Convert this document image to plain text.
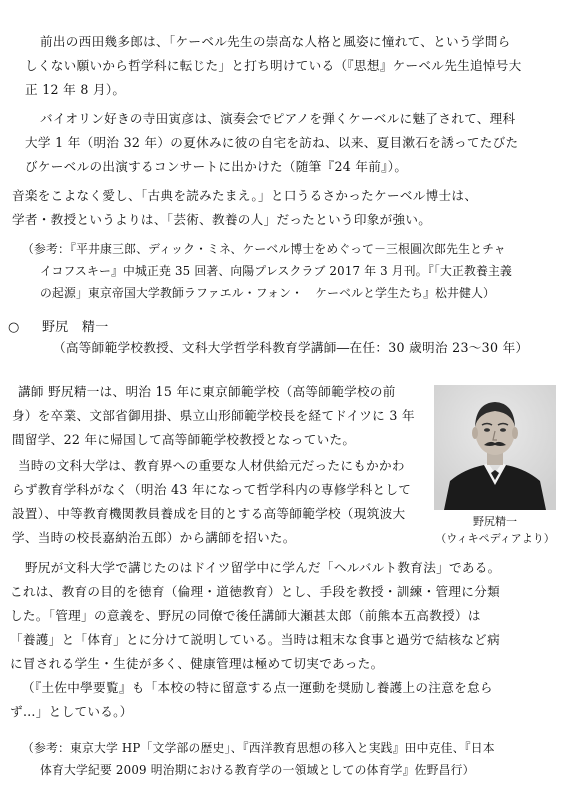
前出の西田幾多郎は、「ケーベル先生の崇高な人格と風姿に憧れて、という学問ら

しくない願いから哲学科に転じた」と打ち明けている（『思想』ケーベル先生追悼号大

正 12 年 8 月）。

バイオリン好きの寺田寅彦は、演奏会でピアノを弾くケーベルに魅了されて、理科

大学 1 年（明治 32 年）の夏休みに彼の自宅を訪ね、以来、夏目漱石を誘ってたびた

びケーベルの出演するコンサートに出かけた（随筆『24 年前』）。

音楽をこよなく愛し、「古典を読みたまえ。」と口うるさかったケーベル博士は、

学者・教授というよりは、「芸術、教養の人」だったという印象が強い。

（参考：『平井康三郎、ディック・ミネ、ケーベル博士をめぐって－三根圓次郎先生とチャ

イコフスキー』中城正尭 35 回著、向陽プレスクラブ 2017 年 3 月刊。『「大正教養主義

の起源」東京帝国大学教師ラファエル・フォン・　ケーベルと学生たち』松井健人）

○ 野尻　精一

（高等師範学校教授、文科大学哲学科教育学講師―在任：30 歳明治 23～30 年）

講師 野尻精一は、明治 15 年に東京師範学校（高等師範学校の前

身）を卒業、文部省御用掛、県立山形師範学校長を経てドイツに 3 年

間留学、22 年に帰国して高等師範学校教授となっていた。

当時の文科大学は、教育界への重要な人材供給元だったにもかかわ

らず教育学科がなく（明治 43 年になって哲学科内の専修学科として

設置）、中等教育機関教員養成を目的とする高等師範学校（現筑波大

学、当時の校長嘉納治五郎）から講師を招いた。

野尻精一

（ウィキペディアより）

野尻が文科大学で講じたのはドイツ留学中に学んだ「ヘルバルト教育法」である。

これは、教育の目的を徳育（倫理・道徳教育）とし、手段を教授・訓練・管理に分類

した。「管理」の意義を、野尻の同僚で後任講師大瀬甚太郎（前熊本五高教授）は

「養護」と「体育」とに分けて説明している。当時は粗末な食事と過労で結核など病

に冒される学生・生徒が多く、健康管理は極めて切実であった。

（『土佐中學要覧』も「本校の特に留意する点一運動を奨励し養護上の注意を怠ら

ず…」としている。）

（参考：東京大学 HP「文学部の歴史」、『西洋教育思想の移入と実践』田中克佳、『日本

体育大学紀要 2009 明治期における教育学の一領域としての体育学』佐野昌行）
